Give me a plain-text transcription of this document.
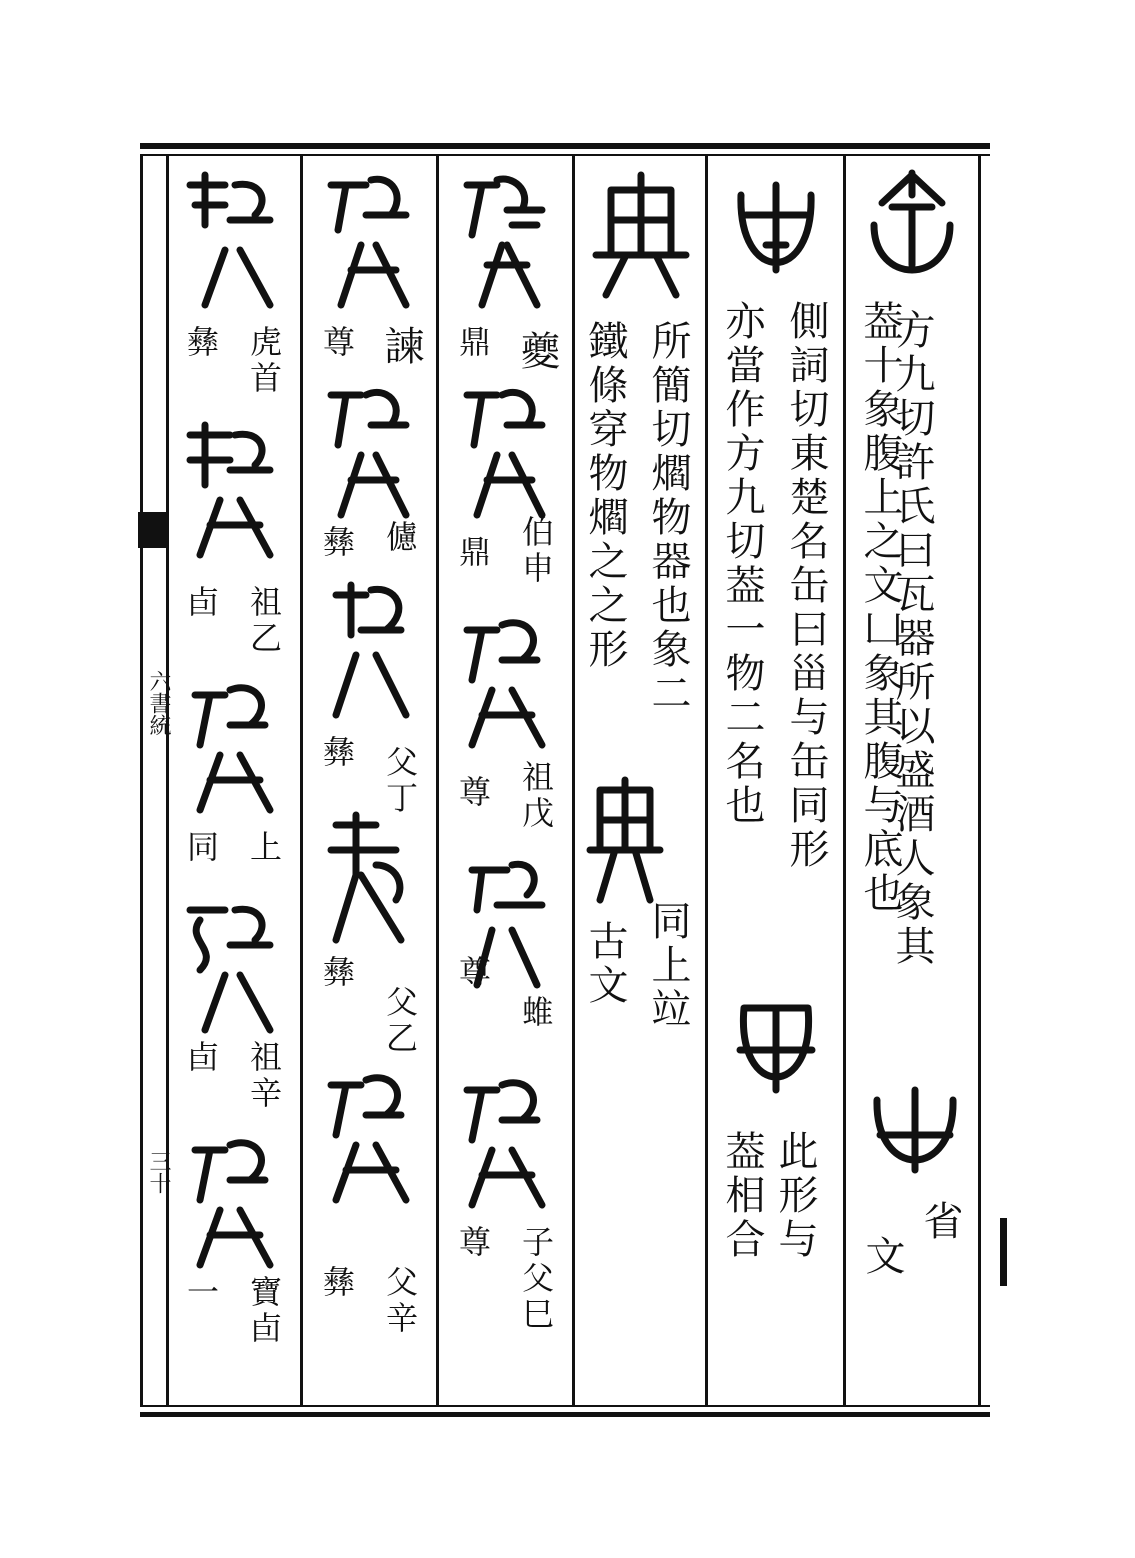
六書統
三十
方九切許氏曰瓦器所以盛酒人象其
葢十象腹上之文凵象其腹与底也
省
文
側詞切東楚名缶曰甾与缶同形
亦當作方九切葢一物二名也
此形与
葢相合
所簡切爓物器也象二
鐵條穿物爓之之形
同上竝
古文
夔
鼎
伯申
鼎
祖戊
尊
蜼
尊
子父巳
尊
諫
尊
儢
彝
父丁
彝
父乙
彝
父辛
彝
虎首
彝
祖乙
卣
上
同
祖辛
卣
寶卣
一
